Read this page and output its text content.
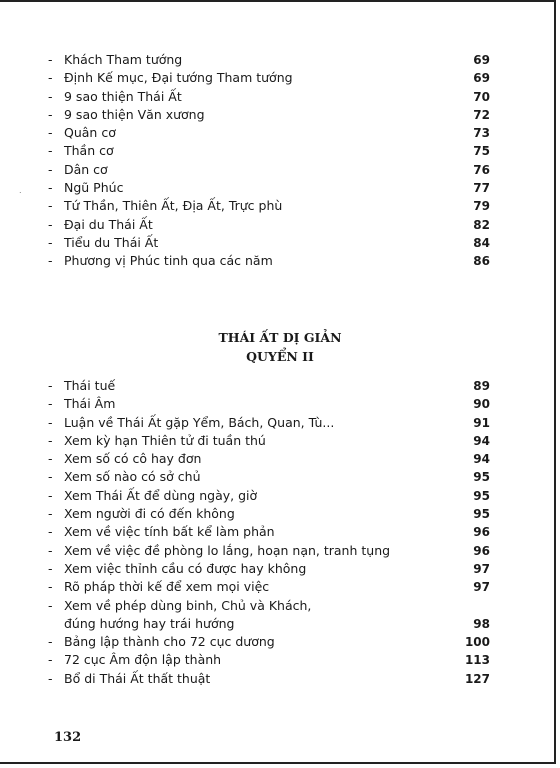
.
- Khách Tham tướng	69
- Định Kế mục, Đại tướng Tham tướng	69
- 9 sao thiện Thái Ất	70
- 9 sao thiện Văn xương	72
- Quân cơ	73
- Thần cơ	75
- Dân cơ	76
- Ngũ Phúc	77
- Tứ Thần, Thiên Ất, Địa Ất, Trực phù	79
- Đại du Thái Ất	82
- Tiểu du Thái Ất	84
- Phương vị Phúc tinh qua các năm	86
THÁI ẤT DỊ GIẢN
QUYỂN II
- Thái tuế	89
- Thái Âm	90
- Luận về Thái Ất gặp Yểm, Bách, Quan, Tù...	91
- Xem kỳ hạn Thiên tử đi tuần thú	94
- Xem số có cô hay đơn	94
- Xem số nào có sở chủ	95
- Xem Thái Ất để dùng ngày, giờ	95
- Xem người đi có đến không	95
- Xem về việc tính bất kể làm phản	96
- Xem về việc đề phòng lo lắng, hoạn nạn, tranh tụng	96
- Xem việc thỉnh cầu có được hay không	97
- Rõ pháp thời kế để xem mọi việc	97
- Xem về phép dùng binh, Chủ và Khách,
đúng hướng hay trái hướng	98
- Bảng lập thành cho 72 cục dương	100
- 72 cục Âm độn lập thành	113
- Bổ di Thái Ất thất thuật	127
132
